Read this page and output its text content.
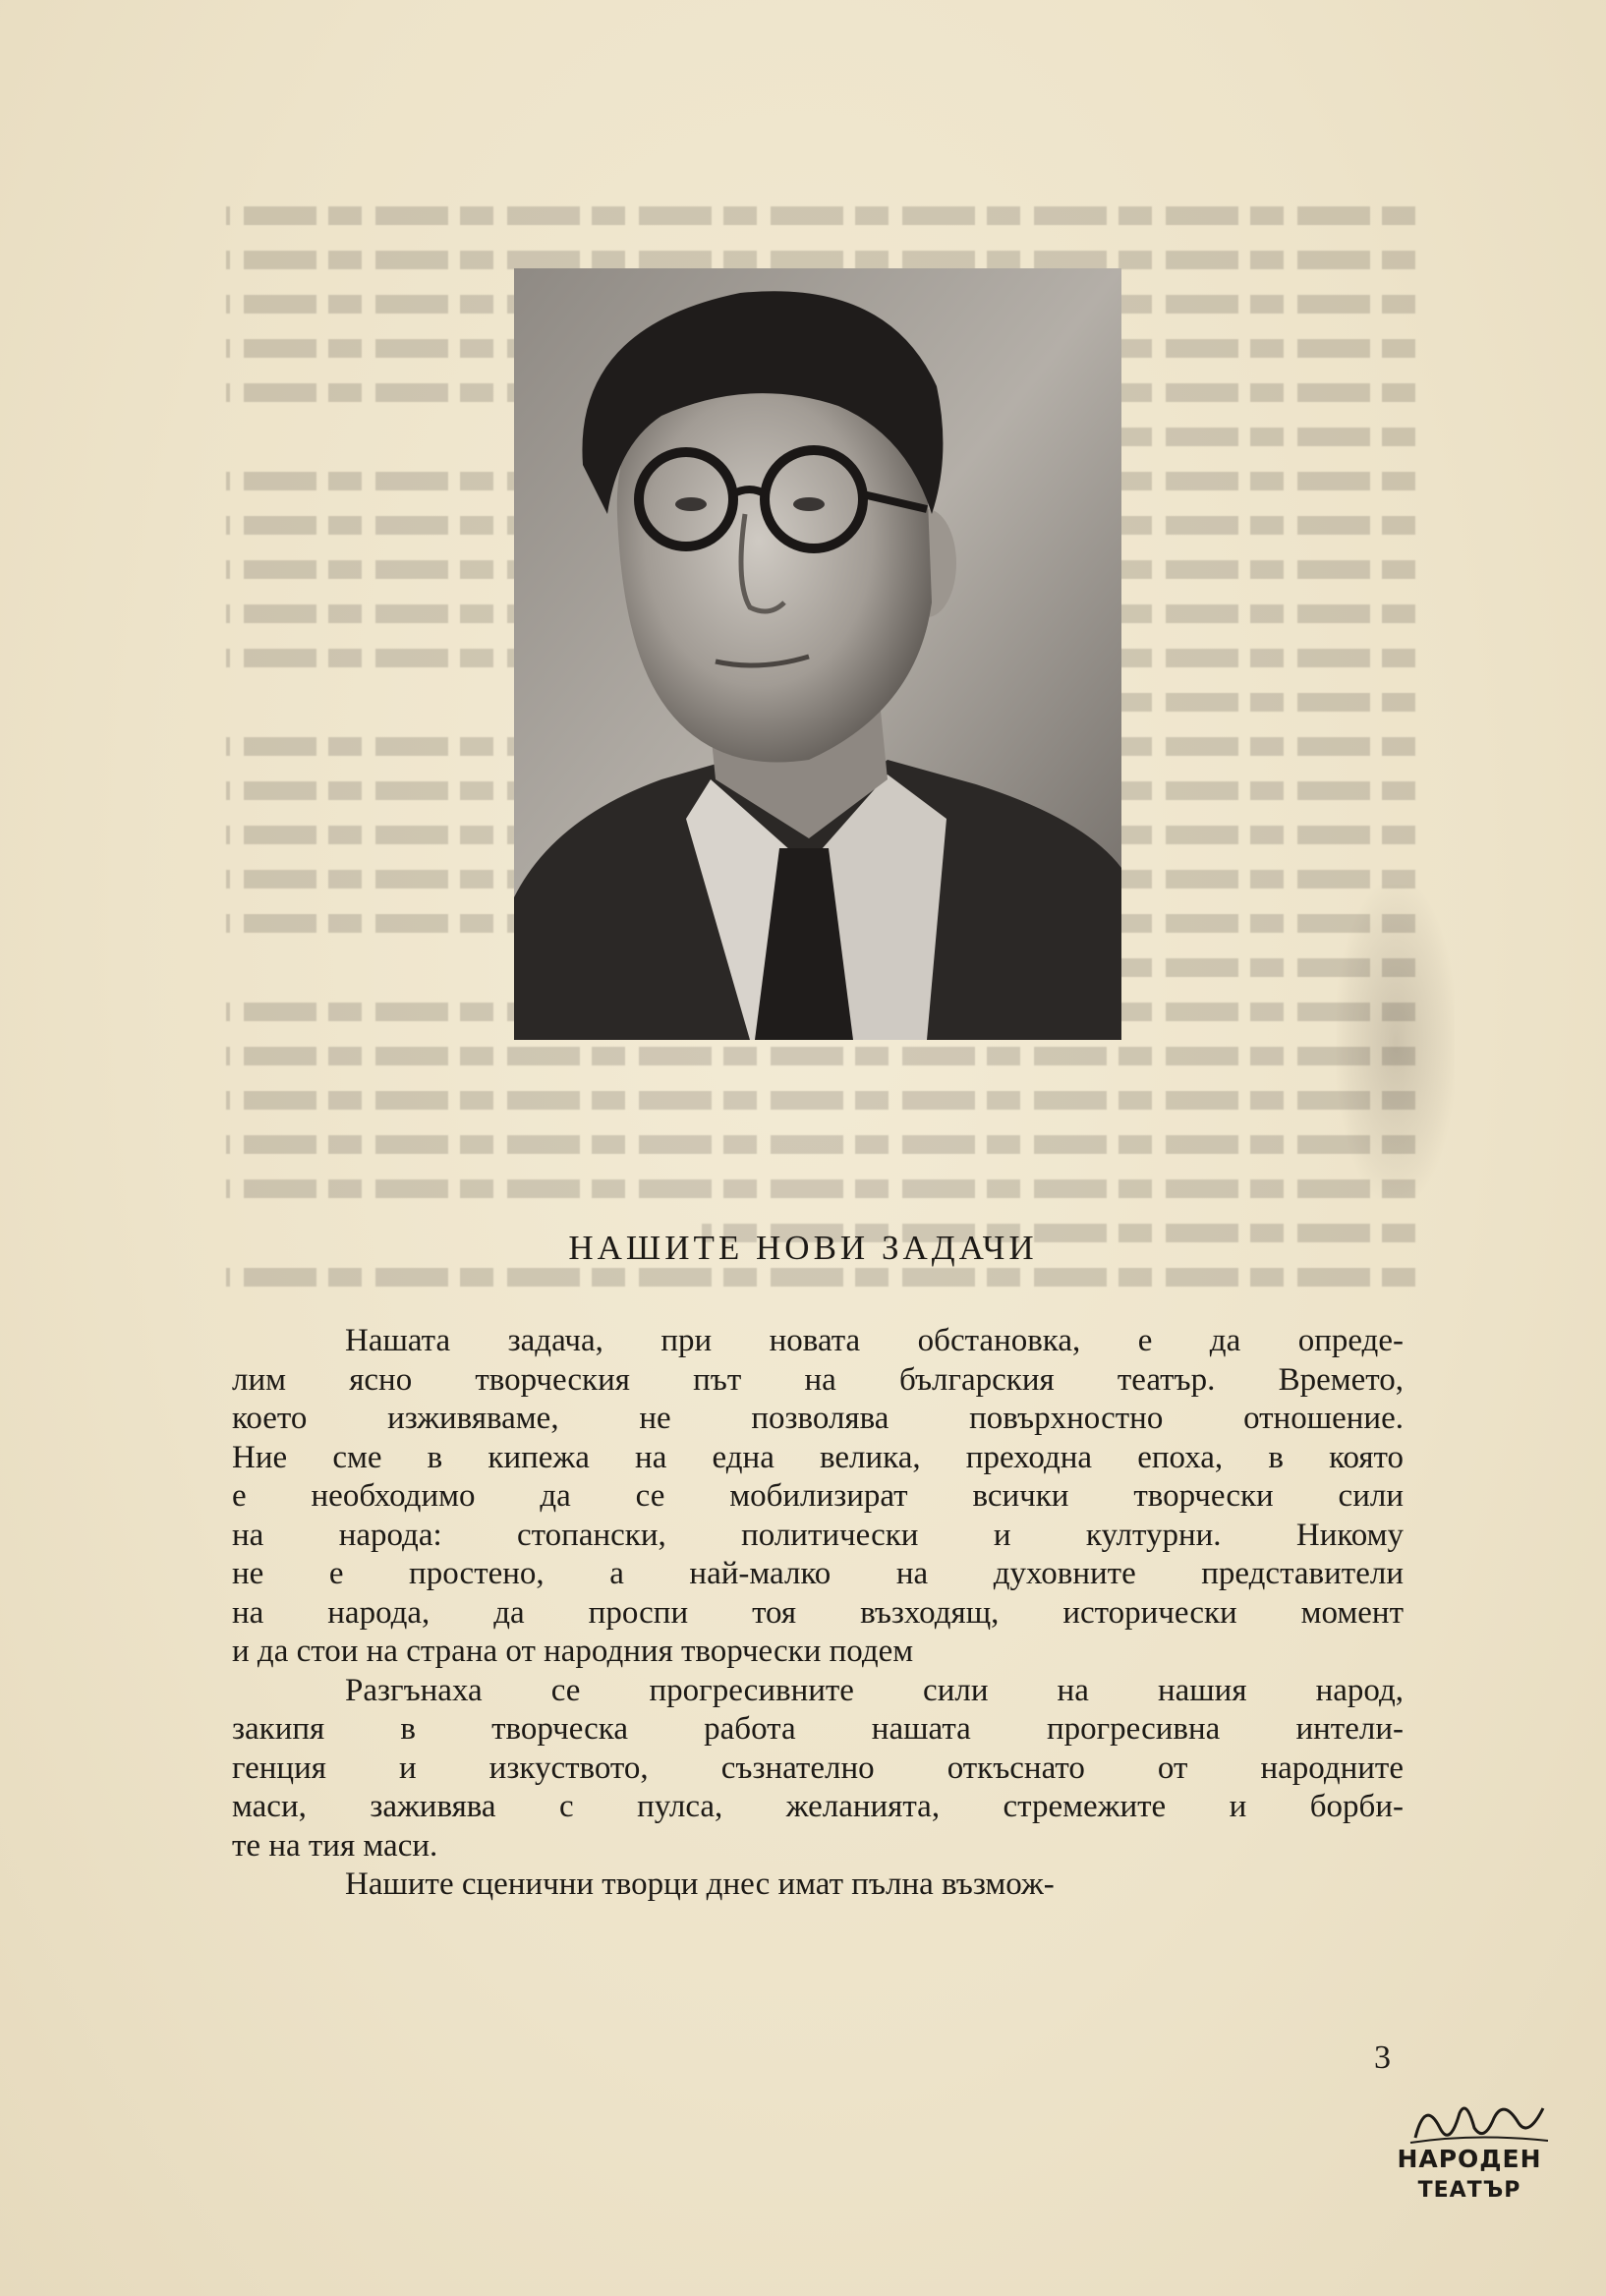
НАШИТЕ НОВИ ЗАДАЧИ

Нашата задача, при новата обстановка, е да опреде-
лим ясно творческия път на българския театър. Времето,
което изживяваме, не позволява повърхностно отношение.
Ние сме в кипежа на една велика, преходна епоха, в която
е необходимо да се мобилизират всички творчески сили
на народа: стопански, политически и културни. Никому
не е простено, а най-малко на духовните представители
на народа, да проспи тоя възходящ, исторически момент
и да стои на страна от народния творчески подем

Разгънаха се прогресивните сили на нашия народ,
закипя в творческа работа нашата прогресивна интели-
генция и изкуството, съзнателно откъснато от народните
маси, заживява с пулса, желанията, стремежите и борби-
те на тия маси.

Нашите сценични творци днес имат пълна възмож-

3
НАРОДЕН
ТЕАТЪР
